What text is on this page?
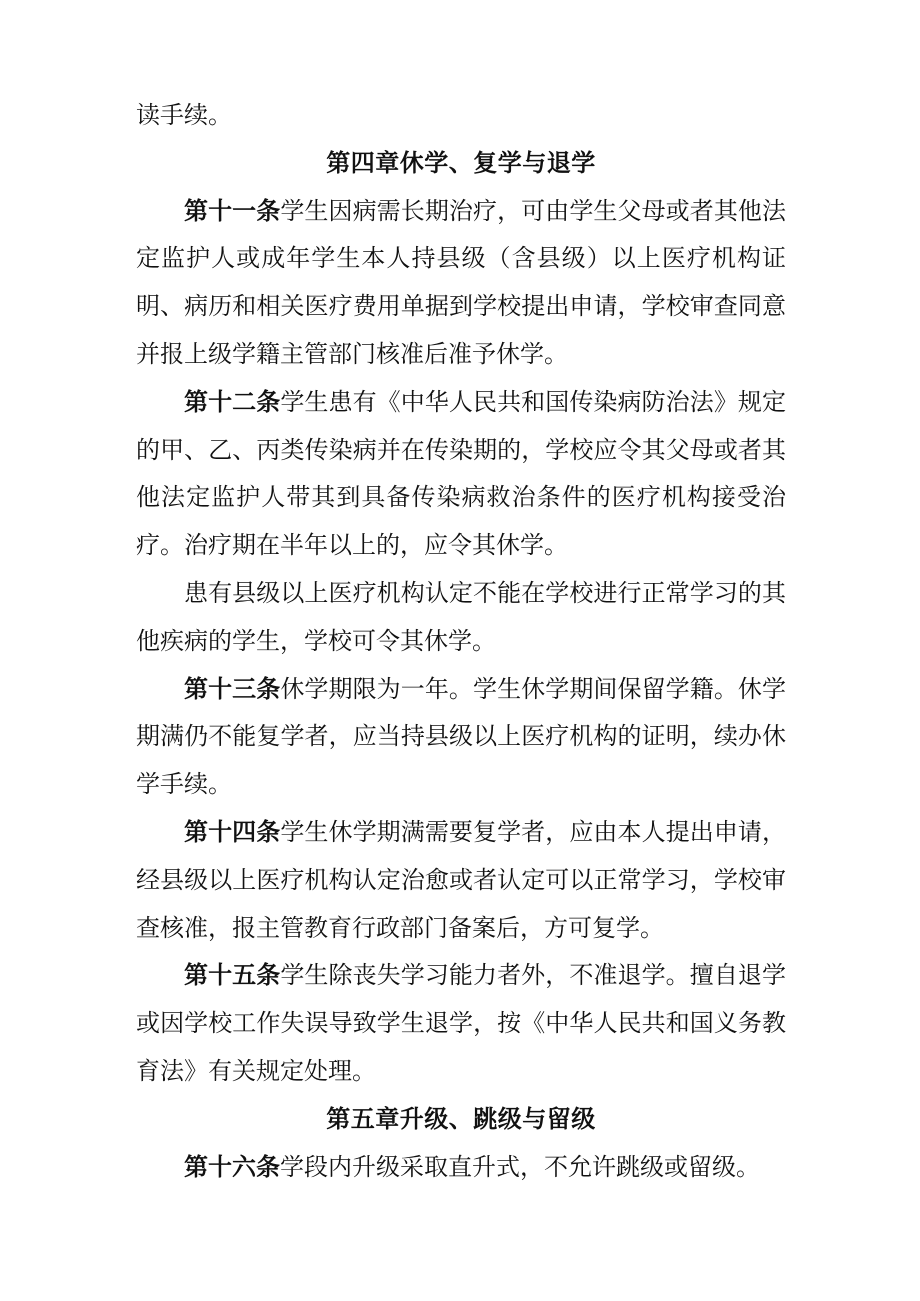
读手续。

第四章休学、复学与退学

第十一条学生因病需长期治疗，可由学生父母或者其他法定监护人或成年学生本人持县级（含县级）以上医疗机构证明、病历和相关医疗费用单据到学校提出申请，学校审查同意并报上级学籍主管部门核准后准予休学。

第十二条学生患有《中华人民共和国传染病防治法》规定的甲、乙、丙类传染病并在传染期的，学校应令其父母或者其他法定监护人带其到具备传染病救治条件的医疗机构接受治疗。治疗期在半年以上的，应令其休学。

患有县级以上医疗机构认定不能在学校进行正常学习的其他疾病的学生，学校可令其休学。

第十三条休学期限为一年。学生休学期间保留学籍。休学期满仍不能复学者，应当持县级以上医疗机构的证明，续办休学手续。

第十四条学生休学期满需要复学者，应由本人提出申请，经县级以上医疗机构认定治愈或者认定可以正常学习，学校审查核准，报主管教育行政部门备案后，方可复学。

第十五条学生除丧失学习能力者外，不准退学。擅自退学或因学校工作失误导致学生退学，按《中华人民共和国义务教育法》有关规定处理。

第五章升级、跳级与留级

第十六条学段内升级采取直升式，不允许跳级或留级。
